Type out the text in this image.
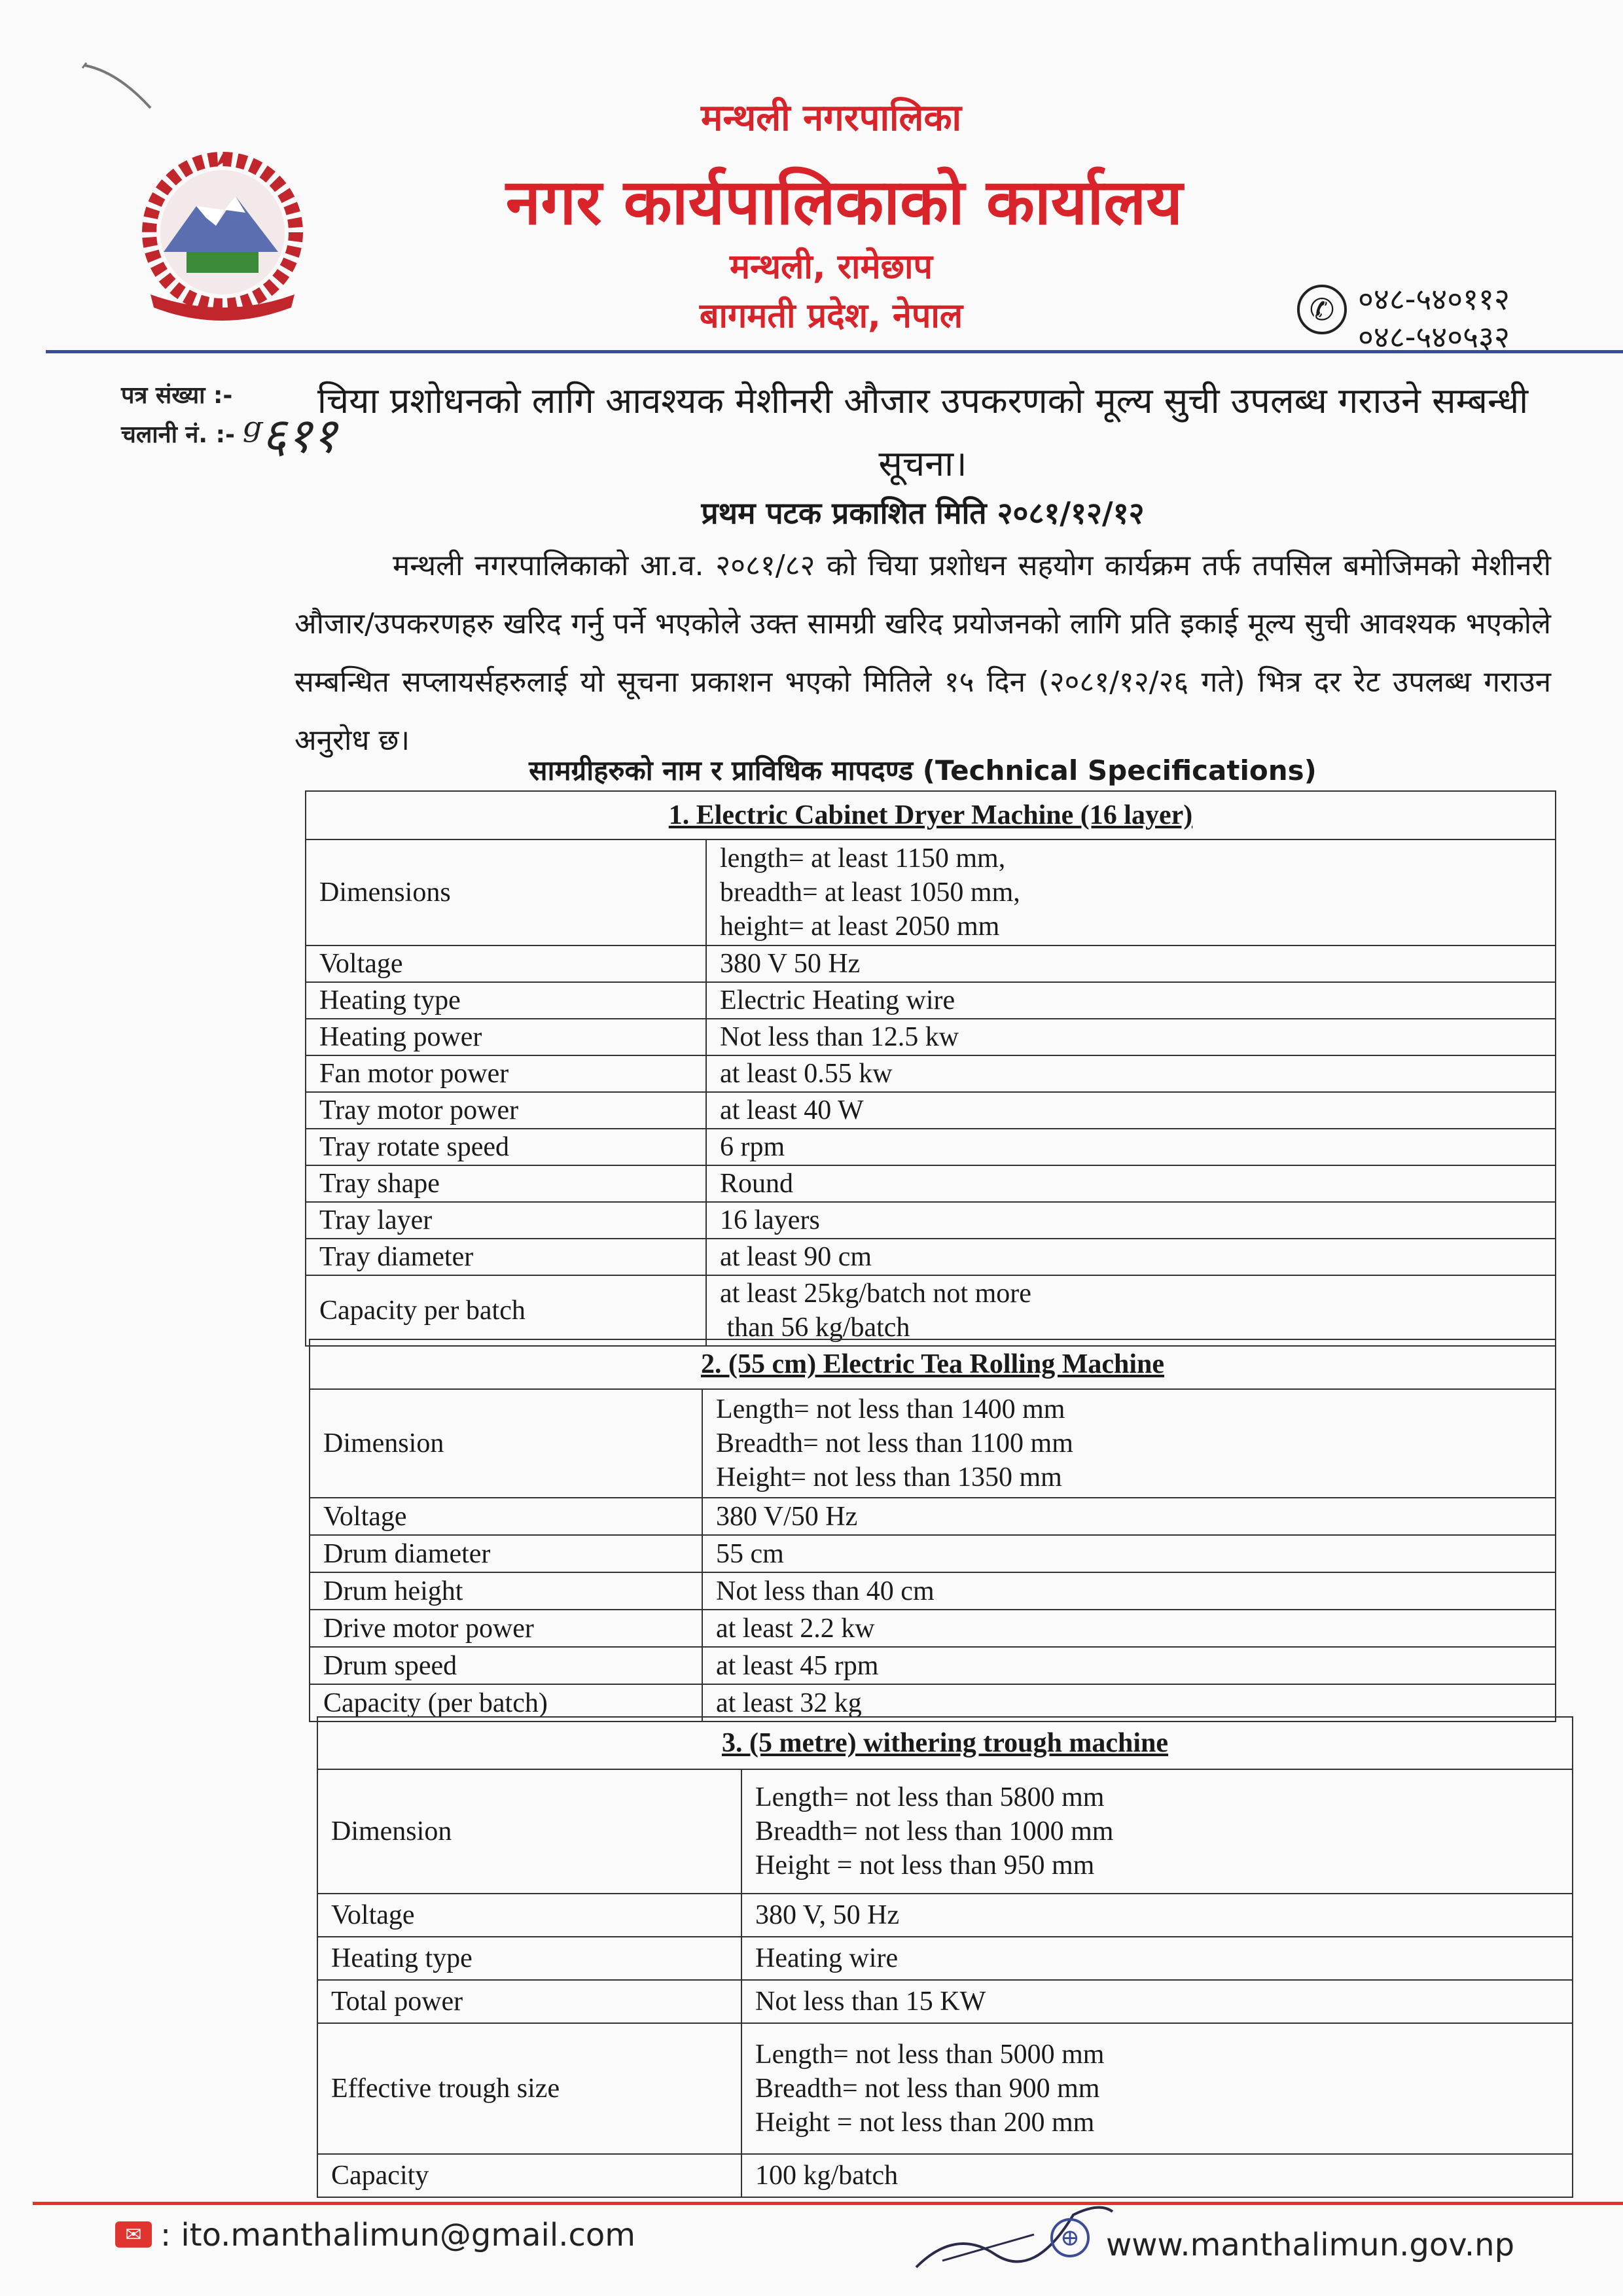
मन्थली नगरपालिका
नगर कार्यपालिकाको कार्यालय
मन्थली, रामेछाप
बागमती प्रदेश, नेपाल	✆ ०४८-५४०११२
०४८-५४०५३२
पत्र संख्या :-
चलानी नं. :- ᵍ६११
चिया प्रशोधनको लागि आवश्यक मेशीनरी औजार उपकरणको मूल्य सुची उपलब्ध गराउने सम्बन्धी सूचना।
प्रथम पटक प्रकाशित मिति २०८१/१२/१२

मन्थली नगरपालिकाको आ.व. २०८१/८२ को चिया प्रशोधन सहयोग कार्यक्रम तर्फ तपसिल बमोजिमको मेशीनरी औजार/उपकरणहरु खरिद गर्नु पर्ने भएकोले उक्त सामग्री खरिद प्रयोजनको लागि प्रति इकाई मूल्य सुची आवश्यक भएकोले सम्बन्धित सप्लायर्सहरुलाई यो सूचना प्रकाशन भएको मितिले १५ दिन (२०८१/१२/२६ गते) भित्र दर रेट उपलब्ध गराउन अनुरोध छ।

सामग्रीहरुको नाम र प्राविधिक मापदण्ड (Technical Specifications)
1. Electric Cabinet Dryer Machine (16 layer)	
Dimensions	length= at least 1150 mm,
breadth= at least 1050 mm,
height= at least 2050 mm

Voltage	380 V 50 Hz
Heating type	Electric Heating wire
Heating power	Not less than 12.5 kw
Fan motor power	at least 0.55 kw
Tray motor power	at least 40 W
Tray rotate speed	6 rpm
Tray shape	Round
Tray layer	16 layers
Tray diameter	at least 90 cm
Capacity per batch	at least 25kg/batch not more
than 56 kg/batch
2. (55 cm) Electric Tea Rolling Machine	
Dimension	Length= not less than 1400 mm
Breadth= not less than 1100 mm
Height= not less than 1350 mm

Voltage	380 V/50 Hz
Drum diameter	55 cm
Drum height	Not less than 40 cm
Drive motor power	at least 2.2 kw
Drum speed	at least 45 rpm
Capacity (per batch)	at least 32 kg
3. (5 metre) withering trough machine	
Dimension	Length= not less than 5800 mm
Breadth= not less than 1000 mm
Height = not less than 950 mm

Voltage	380 V, 50 Hz
Heating type	Heating wire
Total power	Not less than 15 KW
Effective trough size	Length= not less than 5000 mm
Breadth= not less than 900 mm
Height = not less than 200 mm

Capacity	100 kg/batch
✉ : ito.manthalimun@gmail.com	⊕ www.manthalimun.gov.np
